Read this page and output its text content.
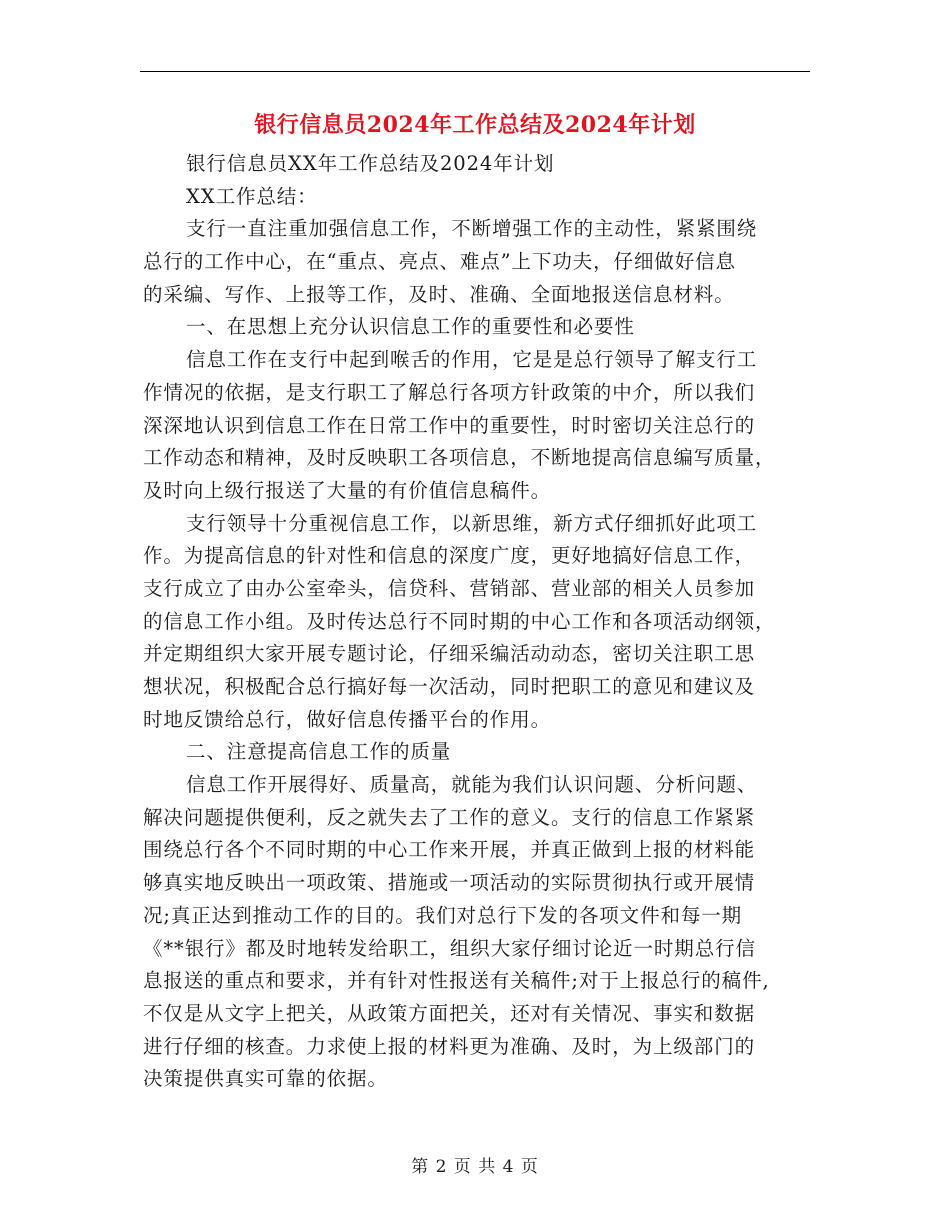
银行信息员2024年工作总结及2024年计划
银行信息员XX年工作总结及2024年计划
XX工作总结：
支行一直注重加强信息工作，不断增强工作的主动性，紧紧围绕
总行的工作中心，在“重点、亮点、难点”上下功夫，仔细做好信息
的采编、写作、上报等工作，及时、准确、全面地报送信息材料。
一、在思想上充分认识信息工作的重要性和必要性
信息工作在支行中起到喉舌的作用，它是是总行领导了解支行工
作情况的依据，是支行职工了解总行各项方针政策的中介，所以我们
深深地认识到信息工作在日常工作中的重要性，时时密切关注总行的
工作动态和精神，及时反映职工各项信息，不断地提高信息编写质量，
及时向上级行报送了大量的有价值信息稿件。
支行领导十分重视信息工作，以新思维，新方式仔细抓好此项工
作。为提高信息的针对性和信息的深度广度，更好地搞好信息工作，
支行成立了由办公室牵头，信贷科、营销部、营业部的相关人员参加
的信息工作小组。及时传达总行不同时期的中心工作和各项活动纲领，
并定期组织大家开展专题讨论，仔细采编活动动态，密切关注职工思
想状况，积极配合总行搞好每一次活动，同时把职工的意见和建议及
时地反馈给总行，做好信息传播平台的作用。
二、注意提高信息工作的质量
信息工作开展得好、质量高，就能为我们认识问题、分析问题、
解决问题提供便利，反之就失去了工作的意义。支行的信息工作紧紧
围绕总行各个不同时期的中心工作来开展，并真正做到上报的材料能
够真实地反映出一项政策、措施或一项活动的实际贯彻执行或开展情
况;真正达到推动工作的目的。我们对总行下发的各项文件和每一期
《**银行》都及时地转发给职工，组织大家仔细讨论近一时期总行信
息报送的重点和要求，并有针对性报送有关稿件;对于上报总行的稿件,
不仅是从文字上把关，从政策方面把关，还对有关情况、事实和数据
进行仔细的核查。力求使上报的材料更为准确、及时，为上级部门的
决策提供真实可靠的依据。
第 2 页 共 4 页
